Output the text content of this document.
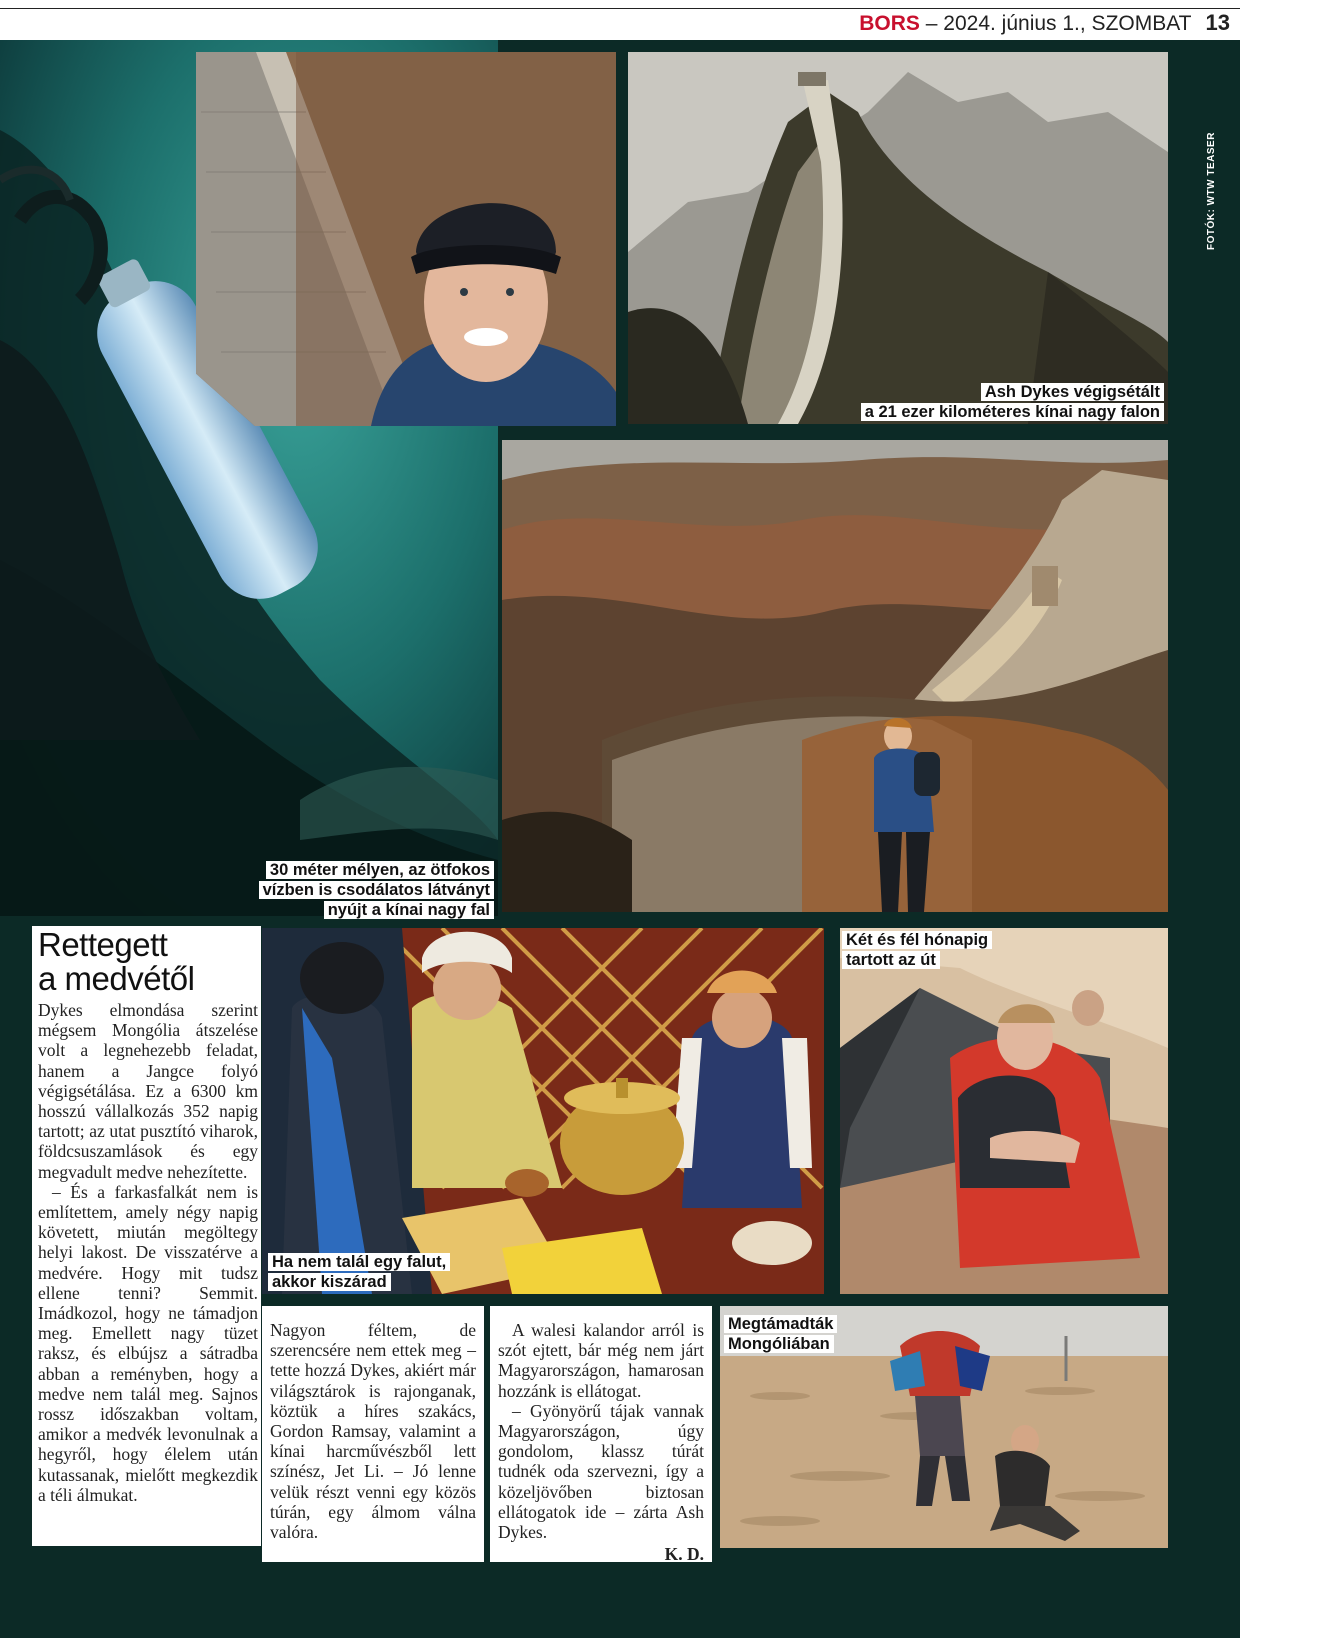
BORS – 2024. június 1., SZOMBAT 13
Ash Dykes végigsétált
a 21 ezer kilométeres kínai nagy falon
FOTÓK: WTW TEASER
30 méter mélyen, az ötfokos
vízben is csodálatos látványt
nyújt a kínai nagy fal
Ha nem talál egy falut,
akkor kiszárad
Két és fél hónapig
tartott az út
Megtámadták
Mongóliában
Rettegett
a medvétől

Dykes elmondása szerint mégsem Mongólia átszelése volt a legnehezebb feladat, hanem a Jangce folyó végigsétálása. Ez a 6300 km hosszú vállalkozás 352 napig tartott; az utat pusztító viharok, földcsuszamlások és egy megvadult medve nehezítette.

– És a farkasfalkát nem is említettem, amely négy napig követett, miután megöltegy helyi lakost. De visszatérve a medvére. Hogy mit tudsz ellene tenni? Semmit. Imádkozol, hogy ne támadjon meg. Emellett nagy tüzet raksz, és elbújsz a sátradba abban a reményben, hogy a medve nem talál meg. Sajnos rossz időszakban voltam, amikor a medvék levonulnak a hegyről, hogy élelem után kutassanak, mielőtt megkezdik a téli álmukat.

Nagyon féltem, de szerencsére nem ettek meg – tette hozzá Dykes, akiért már világsztárok is rajonganak, köztük a híres szakács, Gordon Ramsay, valamint a kínai harcművészből lett színész, Jet Li. – Jó lenne velük részt venni egy közös túrán, egy álmom válna valóra.

A walesi kalandor arról is szót ejtett, bár még nem járt Magyarországon, hamarosan hozzánk is ellátogat.

– Gyönyörű tájak vannak Magyarországon, úgy gondolom, klassz túrát tudnék oda szervezni, így a közeljövőben biztosan ellátogatok ide – zárta Ash Dykes.

K. D.
